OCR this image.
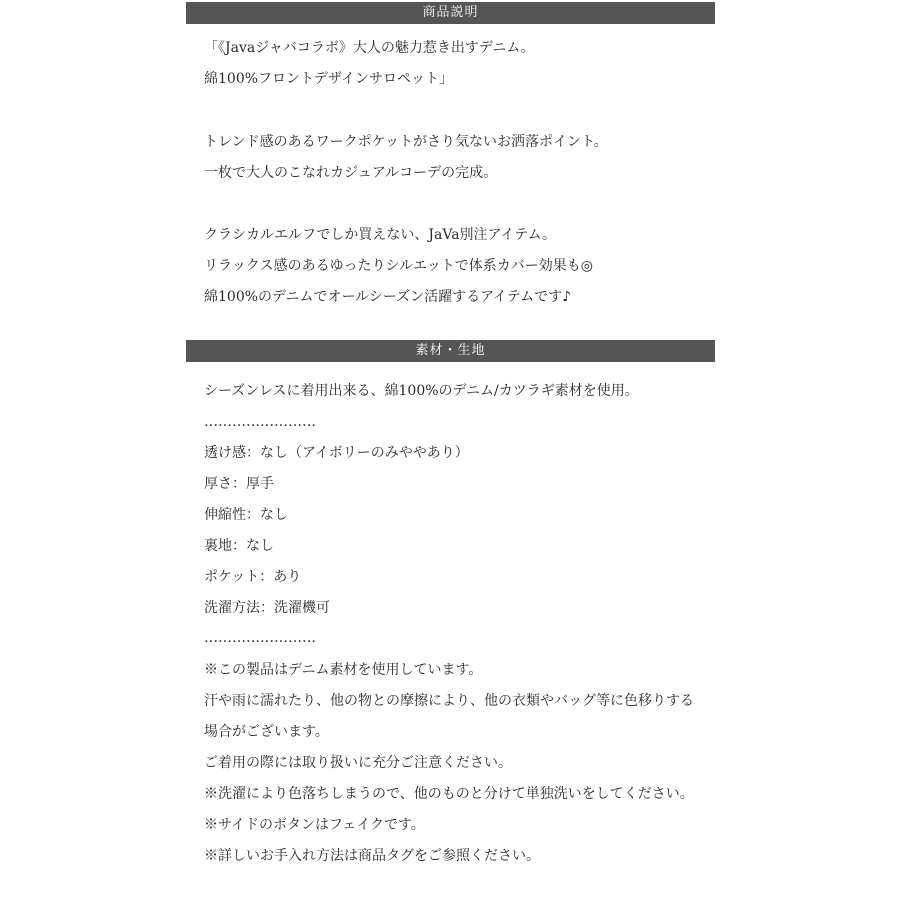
商品説明
「《Javaジャバコラボ》大人の魅力惹き出すデニム。
綿100%フロントデザインサロペット」
トレンド感のあるワークポケットがさり気ないお洒落ポイント。
一枚で大人のこなれカジュアルコーデの完成。
クラシカルエルフでしか買えない、JaVa別注アイテム。
リラックス感のあるゆったりシルエットで体系カバー効果も◎
綿100%のデニムでオールシーズン活躍するアイテムです♪
素材・生地
シーズンレスに着用出来る、綿100%のデニム/カツラギ素材を使用。
……………………
透け感：なし（アイボリーのみややあり）
厚さ：厚手
伸縮性：なし
裏地：なし
ポケット：あり
洗濯方法：洗濯機可
……………………
※この製品はデニム素材を使用しています。
汗や雨に濡れたり、他の物との摩擦により、他の衣類やバッグ等に色移りする
場合がございます。
ご着用の際には取り扱いに充分ご注意ください。
※洗濯により色落ちしまうので、他のものと分けて単独洗いをしてください。
※サイドのボタンはフェイクです。
※詳しいお手入れ方法は商品タグをご参照ください。
